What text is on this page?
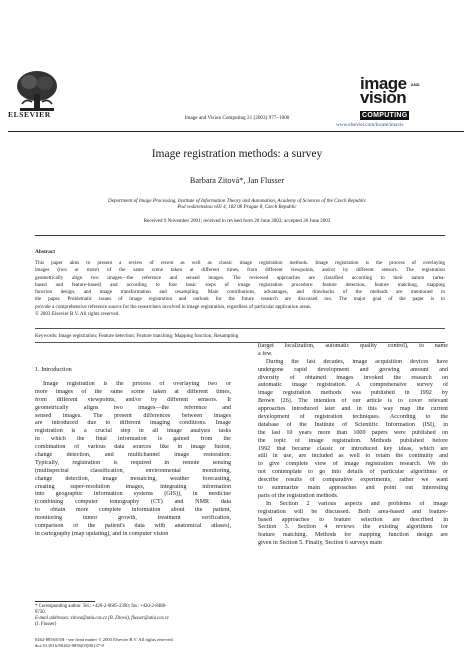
ELSEVIER	Image and Vision Computing 21 (2003) 977–1000
image AND
vision
COMPUTING
www.elsevier.com/locate/imavis
Image registration methods: a survey
Barbara Zitová*, Jan Flusser
Department of Image Processing, Institute of Information Theory and Automation, Academy of Sciences of the Czech Republic
Pod vodárenskou věží 4, 182 08 Prague 8, Czech Republic
Received 9 November 2001; received in revised form 20 June 2003; accepted 26 June 2003
Abstract
This paper aims to present a review of recent as well as classic image registration methods. Image registration is the process of overlaying
images (two or more) of the same scene taken at different times, from different viewpoints, and/or by different sensors. The registration
geometrically align two images—the reference and sensed images. The reviewed approaches are classified according to their nature (area-
based and feature-based) and according to four basic steps of image registration procedure: feature detection, feature matching, mapping
function design, and image transformation and resampling. Main contributions, advantages, and drawbacks of the methods are mentioned in
the paper. Problematic issues of image registration and outlook for the future research are discussed too. The major goal of the paper is to
provide a comprehensive reference source for the researchers involved in image registration, regardless of particular application areas.
© 2003 Elsevier B.V. All rights reserved.
Keywords: Image registration; Feature detection; Feature matching; Mapping function; Resampling
1. Introduction
Image registration is the process of overlaying two or
more images of the same scene taken at different times,
from different viewpoints, and/or by different sensors. It
geometrically aligns two images—the reference and
sensed images. The present differences between images
are introduced due to different imaging conditions. Image
registration is a crucial step in all image analysis tasks
in which the final information is gained from the
combination of various data sources like in image fusion,
change detection, and multichannel image restoration.
Typically, registration is required in remote sensing
(multispectral classification, environmental monitoring,
change detection, image mosaicing, weather forecasting,
creating super-resolution images, integrating information
into geographic information systems (GIS)), in medicine
(combining computer tomography (CT) and NMR data
to obtain more complete information about the patient,
monitoring tumor growth, treatment verification,
comparison of the patient's data with anatomical atlases),
in cartography (map updating), and in computer vision
(target localization, automatic quality control), to name
a few.
During the last decades, image acquisition devices have
undergone rapid development and growing amount and
diversity of obtained images invoked the research on
automatic image registration. A comprehensive survey of
image registration methods was published in 1992 by
Brown [26]. The intention of our article is to cover relevant
approaches introduced later and in this way map the current
development of registration techniques. According to the
database of the Institute of Scientific Information (ISI), in
the last 10 years more than 1000 papers were published on
the topic of image registration. Methods published before
1992 that became classic or introduced key ideas, which are
still in use, are included as well to retain the continuity and
to give complete view of image registration research. We do
not contemplate to go into details of particular algorithms or
describe results of comparative experiments, rather we want
to summarize main approaches and point out interesting
parts of the registration methods.
In Section 2 various aspects and problems of image
registration will be discussed. Both area-based and feature-
based approaches to feature selection are described in
Section 3. Section 4 reviews the existing algorithms for
feature matching. Methods for mapping function design are
given in Section 5. Finally, Section 6 surveys main
* Corresponding author. Tel.: +420-2-6605-2390; fax: +420-2-8468-
0730.
E-mail addresses: zitova@utia.cas.cz (B. Zitová), flusser@utia.cas.cz
(J. Flusser)
0262-8856/03/$ - see front matter © 2003 Elsevier B.V. All rights reserved.
doi:10.1016/S0262-8856(03)00137-9
